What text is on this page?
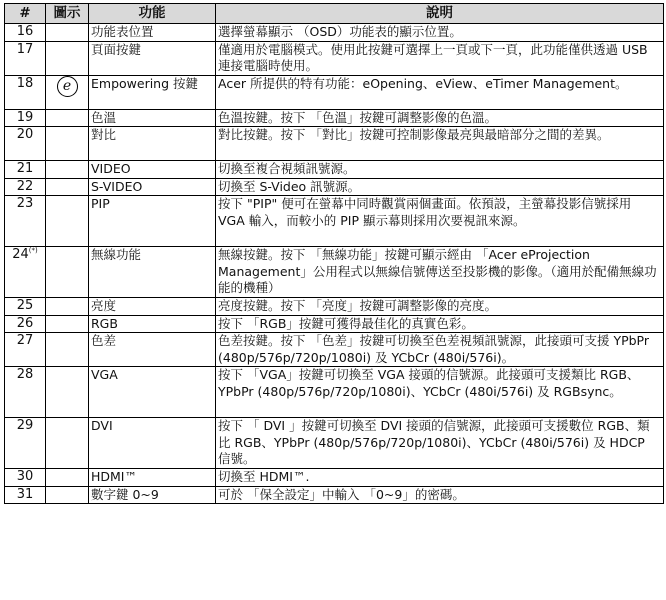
#	圖示	功能	說明
16		功能表位置	選擇螢幕顯示 （OSD）功能表的顯示位置。
17		頁面按鍵	僅適用於電腦模式。使用此按鍵可選擇上一頁或下一頁，此功能僅供透過 USB 連接電腦時使用。
18	e	Empowering 按鍵	Acer 所提供的特有功能：eOpening、eView、eTimer Management。
19		色溫	色溫按鍵。按下 「色溫」按鍵可調整影像的色溫。
20		對比	對比按鍵。按下 「對比」按鍵可控制影像最亮與最暗部分之間的差異。
21		VIDEO	切換至複合視頻訊號源。
22		S-VIDEO	切換至 S-Video 訊號源。
23		PIP	按下 "PIP" 便可在螢幕中同時觀賞兩個畫面。依預設，主螢幕投影信號採用 VGA 輸入，而較小的 PIP 顯示幕則採用次要視訊來源。
24(*)		無線功能	無線按鍵。按下 「無線功能」按鍵可顯示經由 「Acer eProjection Management」公用程式以無線信號傳送至投影機的影像。（適用於配備無線功能的機種）
25		亮度	亮度按鍵。按下 「亮度」按鍵可調整影像的亮度。
26		RGB	按下 「RGB」按鍵可獲得最佳化的真實色彩。
27		色差	色差按鍵。按下 「色差」按鍵可切換至色差視頻訊號源，此接頭可支援 YPbPr (480p/576p/720p/1080i) 及 YCbCr (480i/576i)。
28		VGA	按下 「VGA」按鍵可切換至 VGA 接頭的信號源。此接頭可支援類比 RGB、YPbPr (480p/576p/720p/1080i)、YCbCr (480i/576i) 及 RGBsync。
29		DVI	按下 「 DVI 」按鍵可切換至 DVI 接頭的信號源，此接頭可支援數位 RGB、類比 RGB、YPbPr (480p/576p/720p/1080i)、YCbCr (480i/576i) 及 HDCP 信號。
30		HDMI™	切換至 HDMI™.
31		數字鍵 0~9	可於 「保全設定」中輸入 「0~9」的密碼。
